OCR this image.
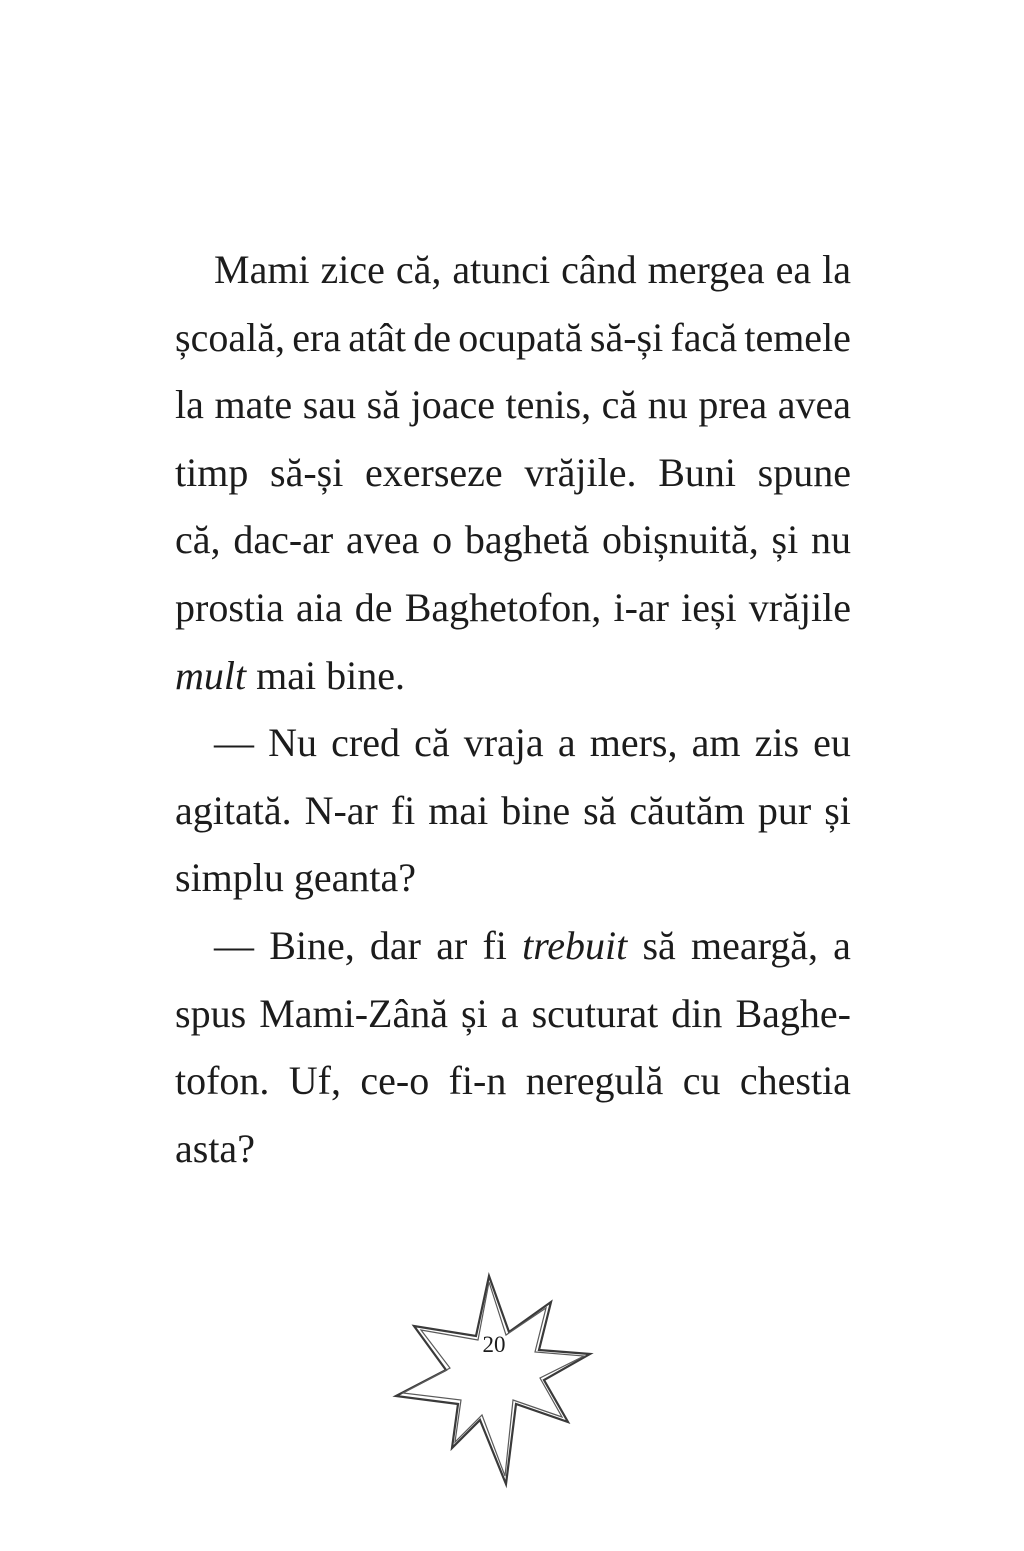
Mami zice că, atunci când mergea ea la
școală, era atât de ocupată să-și facă temele
la mate sau să joace tenis, că nu prea avea
timp să-și exerseze vrăjile. Buni spune
că, dac-ar avea o baghetă obișnuită, și nu
prostia aia de Baghetofon, i-ar ieși vrăjile
mult mai bine.
— Nu cred că vraja a mers, am zis eu
agitată. N-ar fi mai bine să căutăm pur și
simplu geanta?
— Bine, dar ar fi trebuit să meargă, a
spus Mami-Zână și a scuturat din Baghe-
tofon. Uf, ce-o fi-n neregulă cu chestia
asta?
20
